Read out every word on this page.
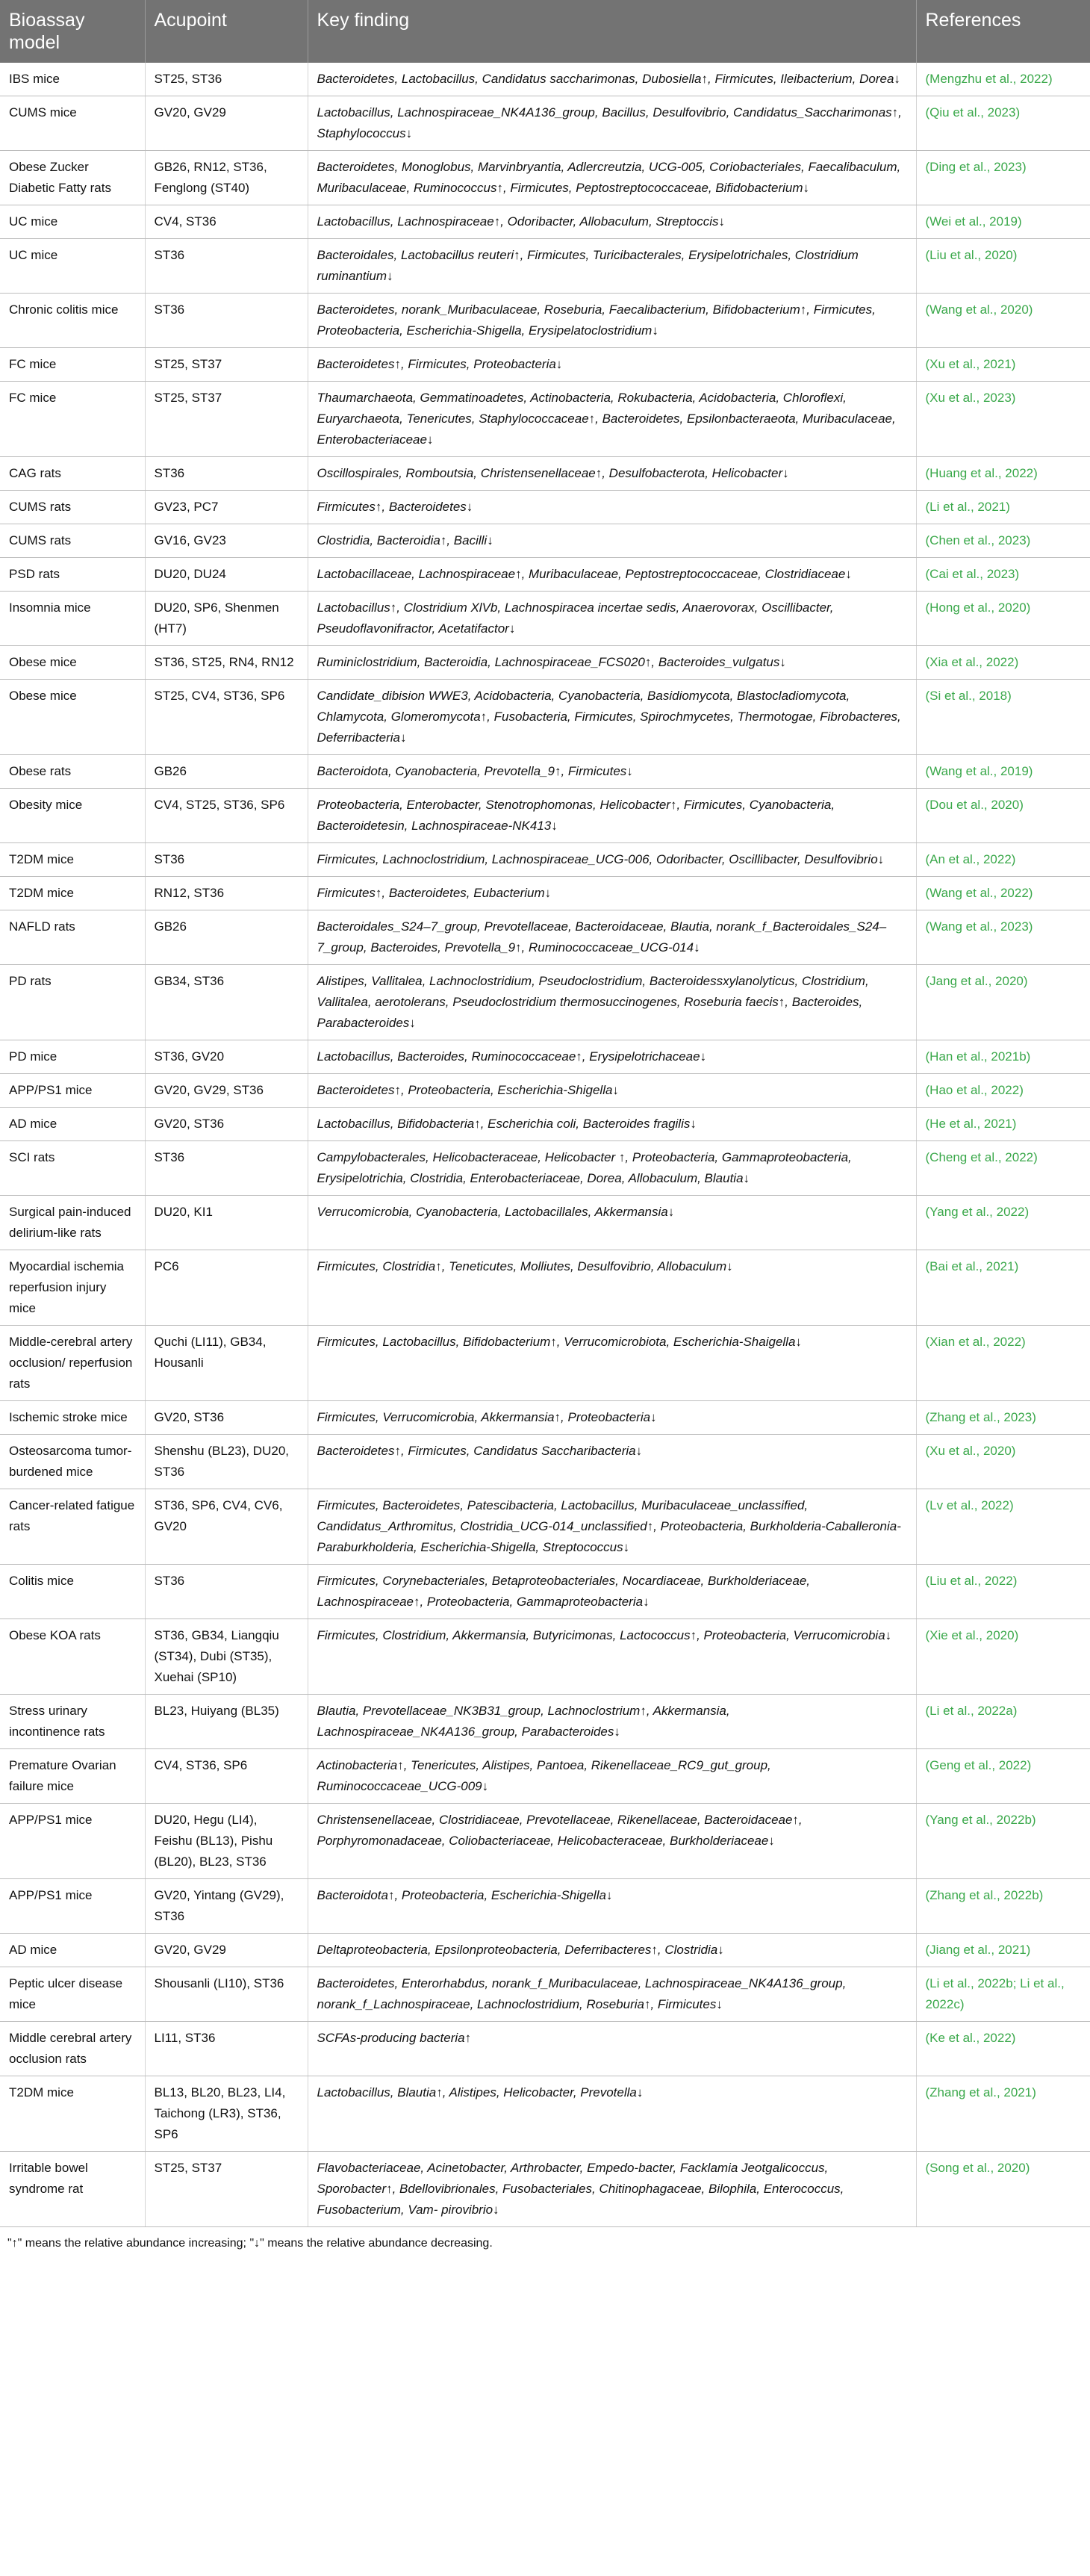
Bioassay model	Acupoint	Key finding	References
IBS mice	ST25, ST36	Bacteroidetes, Lactobacillus, Candidatus saccharimonas, Dubosiella↑, Firmicutes, Ileibacterium, Dorea↓	(Mengzhu et al., 2022)
CUMS mice	GV20, GV29	Lactobacillus, Lachnospiraceae_NK4A136_group, Bacillus, Desulfovibrio, Candidatus_Saccharimonas↑, Staphylococcus↓	(Qiu et al., 2023)
Obese Zucker Diabetic Fatty rats	GB26, RN12, ST36, Fenglong (ST40)	Bacteroidetes, Monoglobus, Marvinbryantia, Adlercreutzia, UCG-005, Coriobacteriales, Faecalibaculum, Muribaculaceae, Ruminococcus↑, Firmicutes, Peptostreptococcaceae, Bifidobacterium↓	(Ding et al., 2023)
UC mice	CV4, ST36	Lactobacillus, Lachnospiraceae↑, Odoribacter, Allobaculum, Streptoccis↓	(Wei et al., 2019)
UC mice	ST36	Bacteroidales, Lactobacillus reuteri↑, Firmicutes, Turicibacterales, Erysipelotrichales, Clostridium ruminantium↓	(Liu et al., 2020)
Chronic colitis mice	ST36	Bacteroidetes, norank_Muribaculaceae, Roseburia, Faecalibacterium, Bifidobacterium↑, Firmicutes, Proteobacteria, Escherichia-Shigella, Erysipelatoclostridium↓	(Wang et al., 2020)
FC mice	ST25, ST37	Bacteroidetes↑, Firmicutes, Proteobacteria↓	(Xu et al., 2021)
FC mice	ST25, ST37	Thaumarchaeota, Gemmatinoadetes, Actinobacteria, Rokubacteria, Acidobacteria, Chloroflexi, Euryarchaeota, Tenericutes, Staphylococcaceae↑, Bacteroidetes, Epsilonbacteraeota, Muribaculaceae, Enterobacteriaceae↓	(Xu et al., 2023)
CAG rats	ST36	Oscillospirales, Romboutsia, Christensenellaceae↑, Desulfobacterota, Helicobacter↓	(Huang et al., 2022)
CUMS rats	GV23, PC7	Firmicutes↑, Bacteroidetes↓	(Li et al., 2021)
CUMS rats	GV16, GV23	Clostridia, Bacteroidia↑, Bacilli↓	(Chen et al., 2023)
PSD rats	DU20, DU24	Lactobacillaceae, Lachnospiraceae↑, Muribaculaceae, Peptostreptococcaceae, Clostridiaceae↓	(Cai et al., 2023)
Insomnia mice	DU20, SP6, Shenmen (HT7)	Lactobacillus↑, Clostridium XlVb, Lachnospiracea incertae sedis, Anaerovorax, Oscillibacter, Pseudoflavonifractor, Acetatifactor↓	(Hong et al., 2020)
Obese mice	ST36, ST25, RN4, RN12	Ruminiclostridium, Bacteroidia, Lachnospiraceae_FCS020↑, Bacteroides_vulgatus↓	(Xia et al., 2022)
Obese mice	ST25, CV4, ST36, SP6	Candidate_dibision WWE3, Acidobacteria, Cyanobacteria, Basidiomycota, Blastocladiomycota, Chlamycota, Glomeromycota↑, Fusobacteria, Firmicutes, Spirochmycetes, Thermotogae, Fibrobacteres, Deferribacteria↓	(Si et al., 2018)
Obese rats	GB26	Bacteroidota, Cyanobacteria, Prevotella_9↑, Firmicutes↓	(Wang et al., 2019)
Obesity mice	CV4, ST25, ST36, SP6	Proteobacteria, Enterobacter, Stenotrophomonas, Helicobacter↑, Firmicutes, Cyanobacteria, Bacteroidetesin, Lachnospiraceae-NK413↓	(Dou et al., 2020)
T2DM mice	ST36	Firmicutes, Lachnoclostridium, Lachnospiraceae_UCG-006, Odoribacter, Oscillibacter, Desulfovibrio↓	(An et al., 2022)
T2DM mice	RN12, ST36	Firmicutes↑, Bacteroidetes, Eubacterium↓	(Wang et al., 2022)
NAFLD rats	GB26	Bacteroidales_S24–7_group, Prevotellaceae, Bacteroidaceae, Blautia, norank_f_Bacteroidales_S24–7_group, Bacteroides, Prevotella_9↑, Ruminococcaceae_UCG-014↓	(Wang et al., 2023)
PD rats	GB34, ST36	Alistipes, Vallitalea, Lachnoclostridium, Pseudoclostridium, Bacteroidessxylanolyticus, Clostridium, Vallitalea, aerotolerans, Pseudoclostridium thermosuccinogenes, Roseburia faecis↑, Bacteroides, Parabacteroides↓	(Jang et al., 2020)
PD mice	ST36, GV20	Lactobacillus, Bacteroides, Ruminococcaceae↑, Erysipelotrichaceae↓	(Han et al., 2021b)
APP/PS1 mice	GV20, GV29, ST36	Bacteroidetes↑, Proteobacteria, Escherichia-Shigella↓	(Hao et al., 2022)
AD mice	GV20, ST36	Lactobacillus, Bifidobacteria↑, Escherichia coli, Bacteroides fragilis↓	(He et al., 2021)
SCI rats	ST36	Campylobacterales, Helicobacteraceae, Helicobacter ↑, Proteobacteria, Gammaproteobacteria, Erysipelotrichia, Clostridia, Enterobacteriaceae, Dorea, Allobaculum, Blautia↓	(Cheng et al., 2022)
Surgical pain-induced delirium-like rats	DU20, KI1	Verrucomicrobia, Cyanobacteria, Lactobacillales, Akkermansia↓	(Yang et al., 2022)
Myocardial ischemia reperfusion injury mice	PC6	Firmicutes, Clostridia↑, Teneticutes, Molliutes, Desulfovibrio, Allobaculum↓	(Bai et al., 2021)
Middle-cerebral artery occlusion/ reperfusion rats	Quchi (LI11), GB34, Housanli	Firmicutes, Lactobacillus, Bifidobacterium↑, Verrucomicrobiota, Escherichia-Shaigella↓	(Xian et al., 2022)
Ischemic stroke mice	GV20, ST36	Firmicutes, Verrucomicrobia, Akkermansia↑, Proteobacteria↓	(Zhang et al., 2023)
Osteosarcoma tumor-burdened mice	Shenshu (BL23), DU20, ST36	Bacteroidetes↑, Firmicutes, Candidatus Saccharibacteria↓	(Xu et al., 2020)
Cancer-related fatigue rats	ST36, SP6, CV4, CV6, GV20	Firmicutes, Bacteroidetes, Patescibacteria, Lactobacillus, Muribaculaceae_unclassified, Candidatus_Arthromitus, Clostridia_UCG-014_unclassified↑, Proteobacteria, Burkholderia-Caballeronia-Paraburkholderia, Escherichia-Shigella, Streptococcus↓	(Lv et al., 2022)
Colitis mice	ST36	Firmicutes, Corynebacteriales, Betaproteobacteriales, Nocardiaceae, Burkholderiaceae, Lachnospiraceae↑, Proteobacteria, Gammaproteobacteria↓	(Liu et al., 2022)
Obese KOA rats	ST36, GB34, Liangqiu (ST34), Dubi (ST35), Xuehai (SP10)	Firmicutes, Clostridium, Akkermansia, Butyricimonas, Lactococcus↑, Proteobacteria, Verrucomicrobia↓	(Xie et al., 2020)
Stress urinary incontinence rats	BL23, Huiyang (BL35)	Blautia, Prevotellaceae_NK3B31_group, Lachnoclostrium↑, Akkermansia, Lachnospiraceae_NK4A136_group, Parabacteroides↓	(Li et al., 2022a)
Premature Ovarian failure mice	CV4, ST36, SP6	Actinobacteria↑, Tenericutes, Alistipes, Pantoea, Rikenellaceae_RC9_gut_group, Ruminococcaceae_UCG-009↓	(Geng et al., 2022)
APP/PS1 mice	DU20, Hegu (LI4), Feishu (BL13), Pishu (BL20), BL23, ST36	Christensenellaceae, Clostridiaceae, Prevotellaceae, Rikenellaceae, Bacteroidaceae↑, Porphyromonadaceae, Coliobacteriaceae, Helicobacteraceae, Burkholderiaceae↓	(Yang et al., 2022b)
APP/PS1 mice	GV20, Yintang (GV29), ST36	Bacteroidota↑, Proteobacteria, Escherichia-Shigella↓	(Zhang et al., 2022b)
AD mice	GV20, GV29	Deltaproteobacteria, Epsilonproteobacteria, Deferribacteres↑, Clostridia↓	(Jiang et al., 2021)
Peptic ulcer disease mice	Shousanli (LI10), ST36	Bacteroidetes, Enterorhabdus, norank_f_Muribaculaceae, Lachnospiraceae_NK4A136_group, norank_f_Lachnospiraceae, Lachnoclostridium, Roseburia↑, Firmicutes↓	(Li et al., 2022b; Li et al., 2022c)
Middle cerebral artery occlusion rats	LI11, ST36	SCFAs-producing bacteria↑	(Ke et al., 2022)
T2DM mice	BL13, BL20, BL23, LI4, Taichong (LR3), ST36, SP6	Lactobacillus, Blautia↑, Alistipes, Helicobacter, Prevotella↓	(Zhang et al., 2021)
Irritable bowel syndrome rat	ST25, ST37	Flavobacteriaceae, Acinetobacter, Arthrobacter, Empedo-bacter, Facklamia Jeotgalicoccus, Sporobacter↑, Bdellovibrionales, Fusobacteriales, Chitinophagaceae, Bilophila, Enterococcus, Fusobacterium, Vam- pirovibrio↓	(Song et al., 2020)
"↑" means the relative abundance increasing; "↓" means the relative abundance decreasing.
